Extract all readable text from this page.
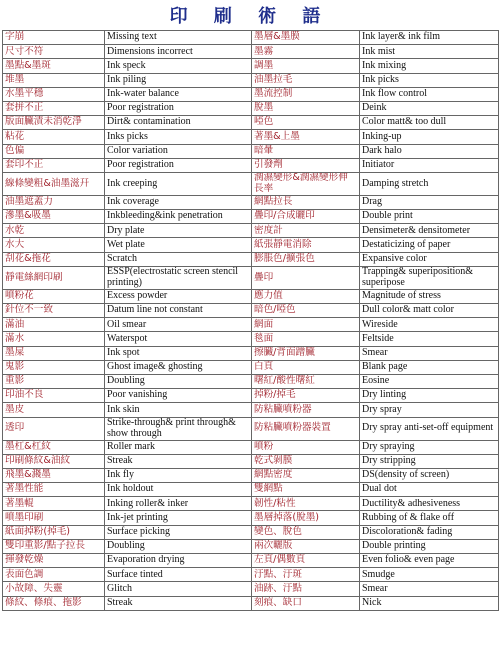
印 刷 術 語
字崩	Missing text	墨層&墨膜	Ink layer& ink film
尺寸不符	Dimensions incorrect	墨霧	Ink mist
墨點&墨斑	Ink speck	調墨	Ink mixing
堆墨	Ink piling	油墨拉毛	Ink picks
水墨平穩	Ink-water balance	墨流控制	Ink flow control
套拼不正	Poor registration	脫墨	Deink
版面臟漬未消乾淨	Dirt& contamination	啞色	Color matt& too dull
粘花	Inks picks	著墨&上墨	Inking-up
色偏	Color variation	暗暈	Dark halo
套印不正	Poor registration	引發劑	Initiator
線條變粗&油墨滋幵	Ink creeping	潤濕變形&潤濕變形伸長率	Damping stretch
油墨遮蓋力	Ink coverage	網點拉長	Drag
滲墨&吸墨	Inkbleeding&ink penetration	疊印/合成曬印	Double print
水乾	Dry plate	密度計	Densimeter& densitometer
水大	Wet plate	紙張靜電消除	Destaticizing of paper
刮花&拖花	Scratch	膨脹色/擴張色	Expansive color
靜電絲網印刷	ESSP(electrostatic screen stencil printing)	疊印	Trapping& superiposition& superipose
噴粉花	Excess powder	應力值	Magnitude of stress
針位不一致	Datum line not constant	暗色/啞色	Dull color& matt color
滿油	Oil smear	網面	Wireside
滿水	Waterspot	毯面	Feltside
墨屎	Ink spot	擦臟/背面蹭臟	Smear
鬼影	Ghost image& ghosting	白頁	Blank page
重影	Doubling	曙紅/酸性曙紅	Eosine
印油不良	Poor vanishing	掉粉/掉毛	Dry linting
墨皮	Ink skin	防粘臟噴粉器	Dry spray
透印	Strike-through& print through& show through	防粘臟噴粉器裝置	Dry spray anti-set-off equipment
墨杠&杠紋	Roller mark	噴粉	Dry spraying
印刷條紋&油紋	Streak	乾式剝膜	Dry stripping
飛墨&濺墨	Ink fly	網點密度	DS(density of screen)
著墨性能	Ink holdout	雙網點	Dual dot
著墨輥	Inking roller& inker	韌性/粘性	Ductility& adhesiveness
噴墨印刷	Ink-jet printing	墨層掉落(脫墨)	Rubbing of & flake off
紙面掉粉(掉毛)	Surface picking	變色、脫色	Discoloration& fading
雙印重影/點子拉長	Doubling	兩次曬版	Double printing
揮發乾燥	Evaporation drying	左頁/偶數頁	Even folio& even page
表面色調	Surface tinted	汙點、汙斑	Smudge
小故障、失靈	Glitch	油跡、汙點	Smear
條紋、條痕、拖影	Streak	刻痕、缺口	Nick
